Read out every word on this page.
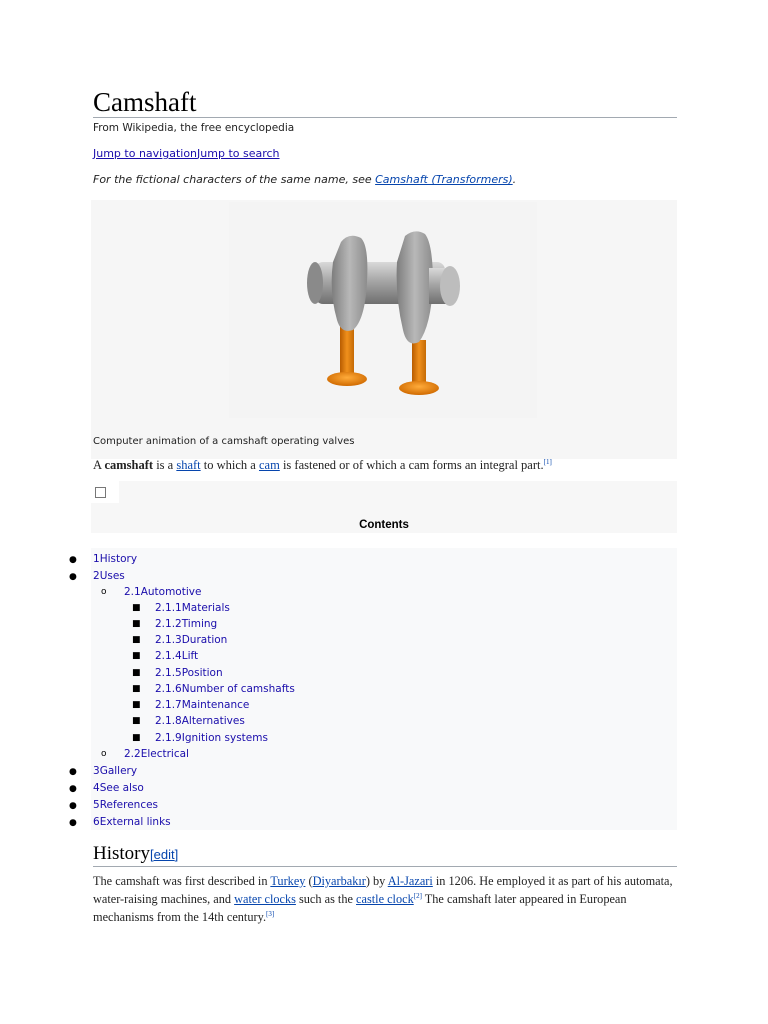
Camshaft
From Wikipedia, the free encyclopedia
Jump to navigationJump to search
For the fictional characters of the same name, see Camshaft (Transformers).
Computer animation of a camshaft operating valves
A camshaft is a shaft to which a cam is fastened or of which a cam forms an integral part.[1]
Contents
● 1History
● 2Uses
o 2.1Automotive
■ 2.1.1Materials
■ 2.1.2Timing
■ 2.1.3Duration
■ 2.1.4Lift
■ 2.1.5Position
■ 2.1.6Number of camshafts
■ 2.1.7Maintenance
■ 2.1.8Alternatives
■ 2.1.9Ignition systems
o 2.2Electrical
● 3Gallery
● 4See also
● 5References
● 6External links
History[edit]
The camshaft was first described in Turkey (Diyarbakır) by Al-Jazari in 1206. He employed it as part of his automata, water-raising machines, and water clocks such as the castle clock[2] The camshaft later appeared in European mechanisms from the 14th century.[3]
